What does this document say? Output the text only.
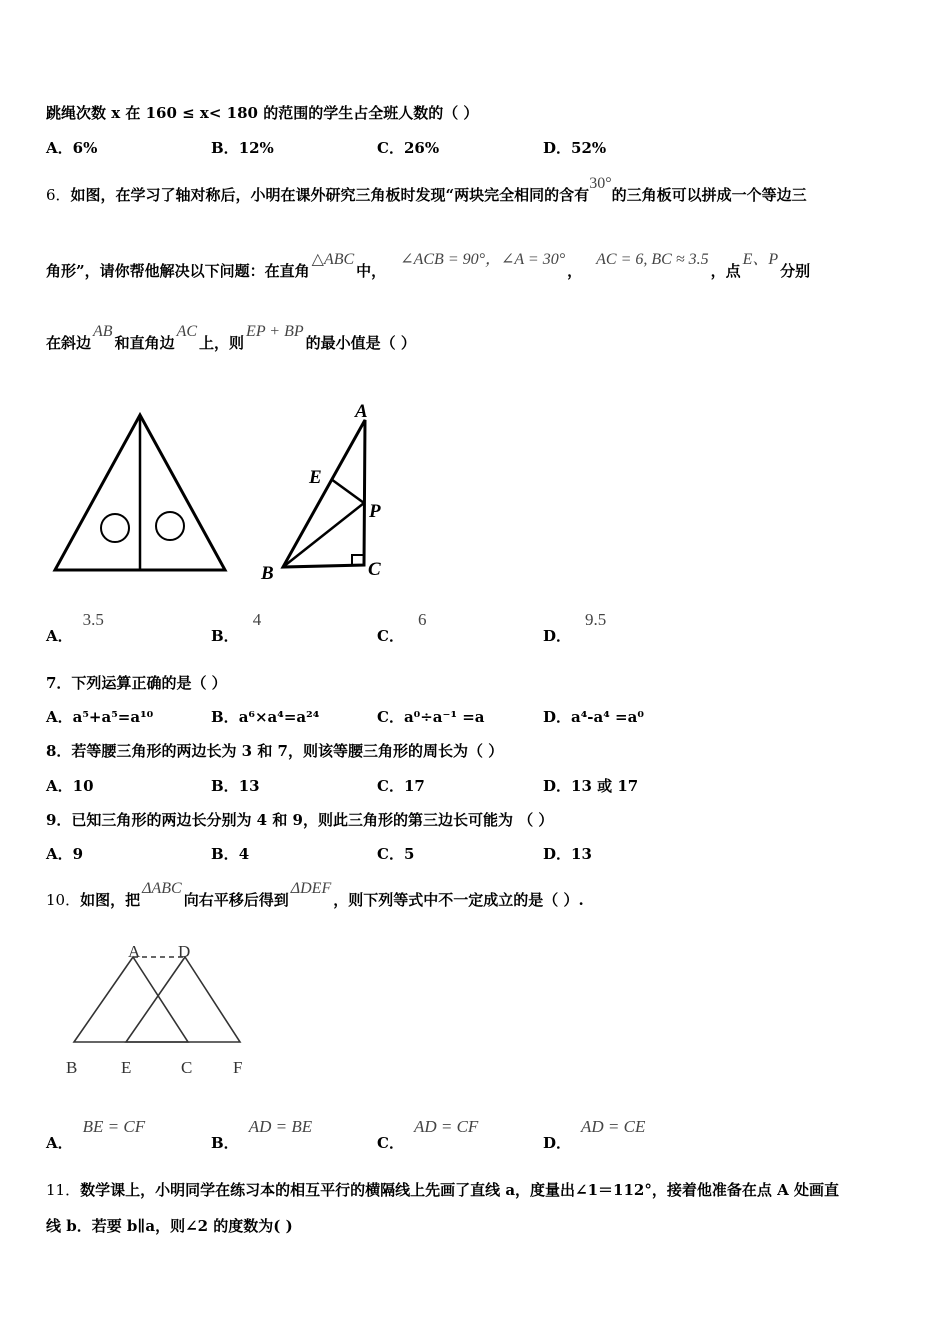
跳绳次数 x 在 160 ≤ x< 180 的范围的学生占全班人数的（ ）
A．6%	B．12%	C．26%	D．52%
6．如图，在学习了轴对称后，小明在课外研究三角板时发现“两块完全相同的含有30°的三角板可以拼成一个等边三
角形”，请你帮他解决以下问题：在直角△ABC中，∠ACB = 90°，∠A = 30°，AC = 6, BC ≈ 3.5，点E、P分别
在斜边AB和直角边AC上，则EP + BP的最小值是（ ）
A
E
P
B	C
A．3.5
B．4
C．6
D．9.5
7．下列运算正确的是（ ）
A．a⁵+a⁵=a¹⁰	B．a⁶×a⁴=a²⁴	C．a⁰÷a⁻¹ =a	D．a⁴-a⁴ =a⁰
8．若等腰三角形的两边长为 3 和 7，则该等腰三角形的周长为（ ）
A．10	B．13	C．17	D．13 或 17
9．已知三角形的两边长分别为 4 和 9，则此三角形的第三边长可能为 （ ）
A．9	B．4	C．5	D．13
10．如图，把ΔABC向右平移后得到ΔDEF，则下列等式中不一定成立的是（ ）.
A D
B	E	C F
A．BE = CF
B．AD = BE
C．AD = CF
D．AD = CE
11．数学课上，小明同学在练习本的相互平行的横隔线上先画了直线 a，度量出∠1＝112°，接着他准备在点 A 处画直
线 b．若要 b∥a，则∠2 的度数为( )
